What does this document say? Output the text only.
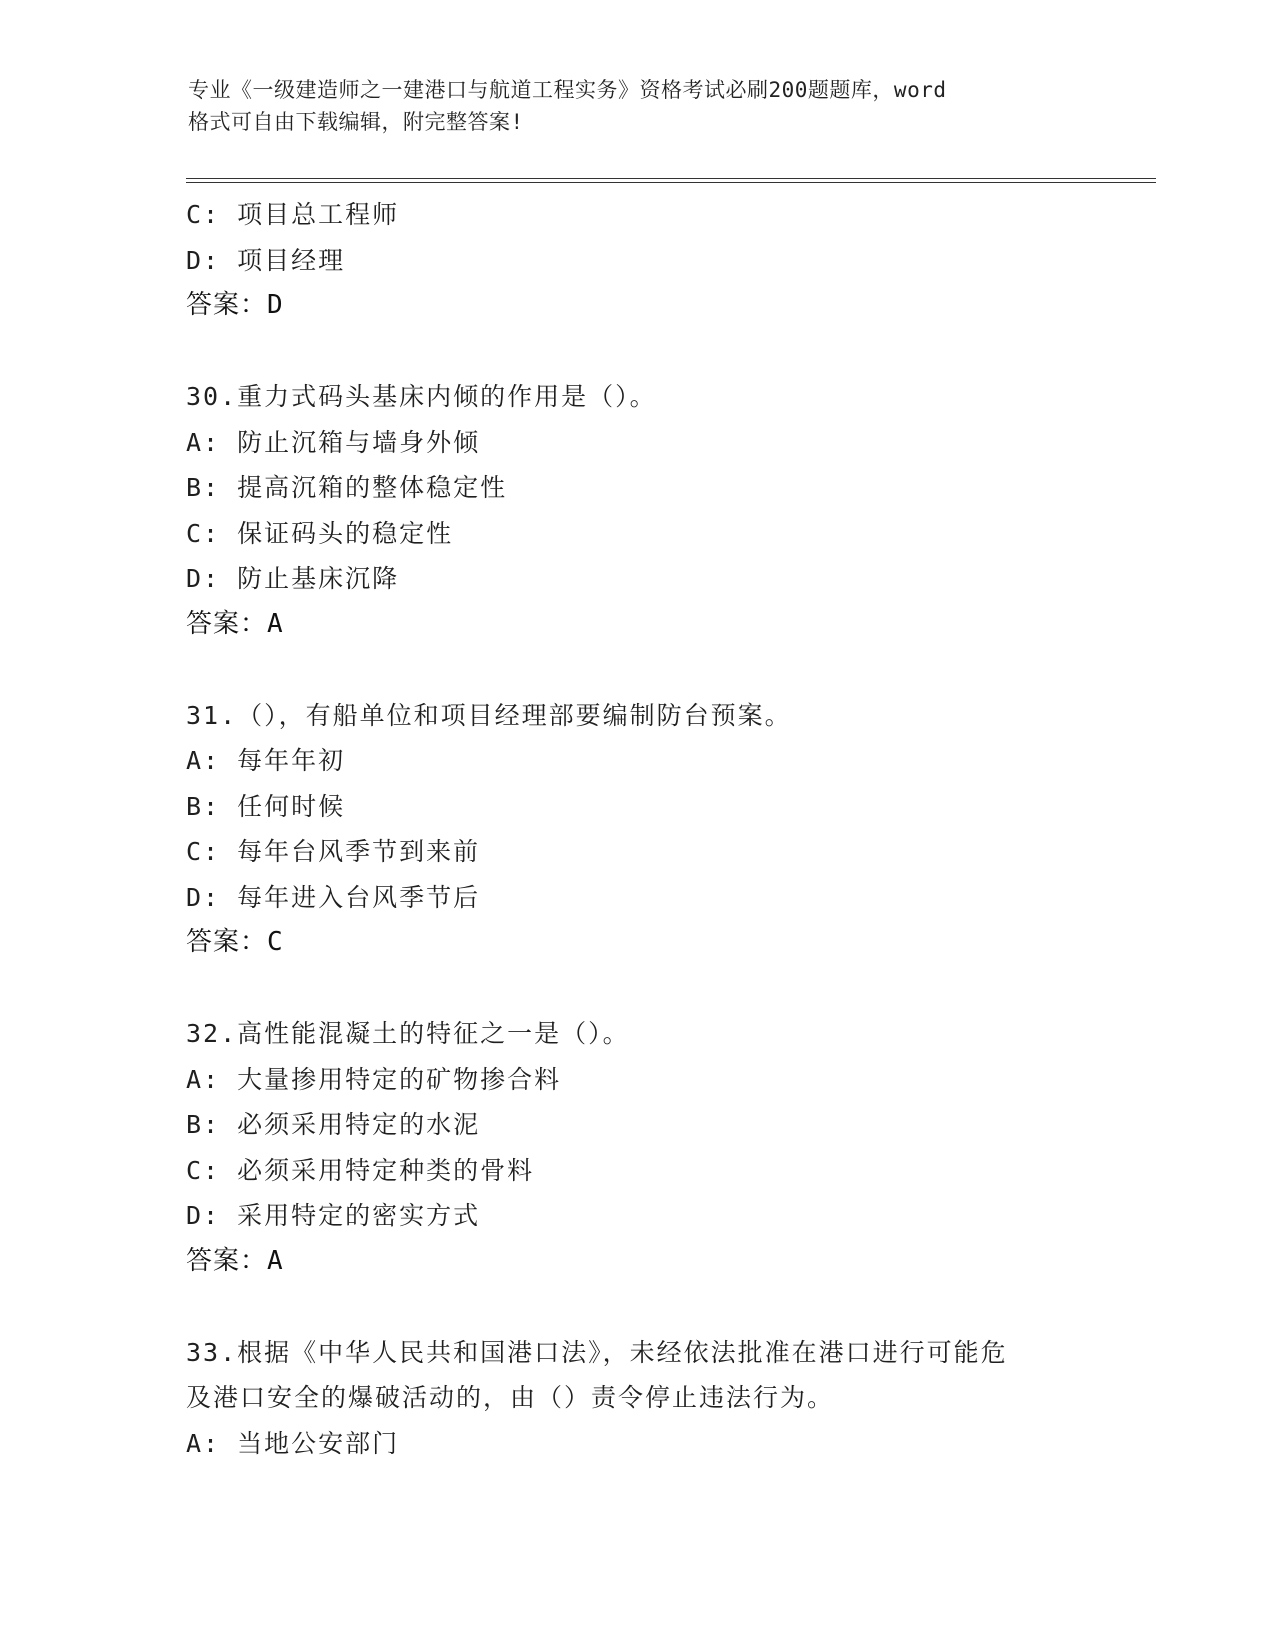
专业《一级建造师之一建港口与航道工程实务》资格考试必刷200题题库，word
格式可自由下载编辑，附完整答案!
C: 项目总工程师
D: 项目经理
答案：D
30.重力式码头基床内倾的作用是（）。
A: 防止沉箱与墙身外倾
B: 提高沉箱的整体稳定性
C: 保证码头的稳定性
D: 防止基床沉降
答案：A
31.（），有船单位和项目经理部要编制防台预案。
A: 每年年初
B: 任何时候
C: 每年台风季节到来前
D: 每年进入台风季节后
答案：C
32.高性能混凝土的特征之一是（）。
A: 大量掺用特定的矿物掺合料
B: 必须采用特定的水泥
C: 必须采用特定种类的骨料
D: 采用特定的密实方式
答案：A
33.根据《中华人民共和国港口法》，未经依法批准在港口进行可能危
及港口安全的爆破活动的，由（）责令停止违法行为。
A: 当地公安部门
